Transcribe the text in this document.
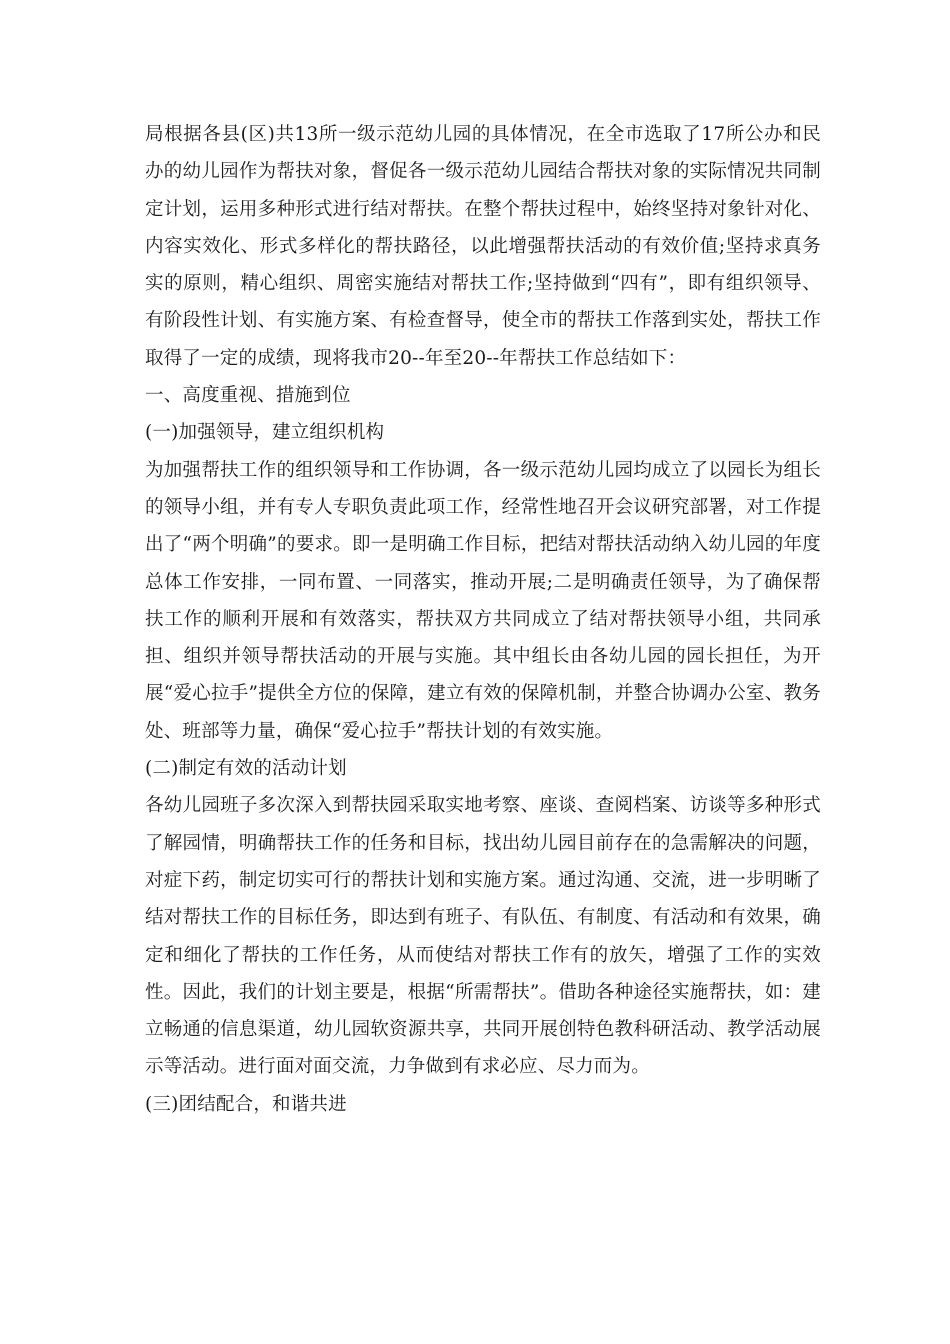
局根据各县(区)共13所一级示范幼儿园的具体情况，在全市选取了17所公办和民办的幼儿园作为帮扶对象，督促各一级示范幼儿园结合帮扶对象的实际情况共同制定计划，运用多种形式进行结对帮扶。在整个帮扶过程中，始终坚持对象针对化、内容实效化、形式多样化的帮扶路径，以此增强帮扶活动的有效价值;坚持求真务实的原则，精心组织、周密实施结对帮扶工作;坚持做到“四有”，即有组织领导、有阶段性计划、有实施方案、有检查督导，使全市的帮扶工作落到实处，帮扶工作取得了一定的成绩，现将我市20--年至20--年帮扶工作总结如下：

一、高度重视、措施到位

(一)加强领导，建立组织机构

为加强帮扶工作的组织领导和工作协调，各一级示范幼儿园均成立了以园长为组长的领导小组，并有专人专职负责此项工作，经常性地召开会议研究部署，对工作提出了“两个明确”的要求。即一是明确工作目标，把结对帮扶活动纳入幼儿园的年度总体工作安排，一同布置、一同落实，推动开展;二是明确责任领导，为了确保帮扶工作的顺利开展和有效落实，帮扶双方共同成立了结对帮扶领导小组，共同承担、组织并领导帮扶活动的开展与实施。其中组长由各幼儿园的园长担任，为开展“爱心拉手”提供全方位的保障，建立有效的保障机制，并整合协调办公室、教务处、班部等力量，确保“爱心拉手”帮扶计划的有效实施。

(二)制定有效的活动计划

各幼儿园班子多次深入到帮扶园采取实地考察、座谈、查阅档案、访谈等多种形式了解园情，明确帮扶工作的任务和目标，找出幼儿园目前存在的急需解决的问题，对症下药，制定切实可行的帮扶计划和实施方案。通过沟通、交流，进一步明晰了结对帮扶工作的目标任务，即达到有班子、有队伍、有制度、有活动和有效果，确定和细化了帮扶的工作任务，从而使结对帮扶工作有的放矢，增强了工作的实效性。因此，我们的计划主要是，根据“所需帮扶”。借助各种途径实施帮扶，如：建立畅通的信息渠道，幼儿园软资源共享，共同开展创特色教科研活动、教学活动展示等活动。进行面对面交流，力争做到有求必应、尽力而为。

(三)团结配合，和谐共进
